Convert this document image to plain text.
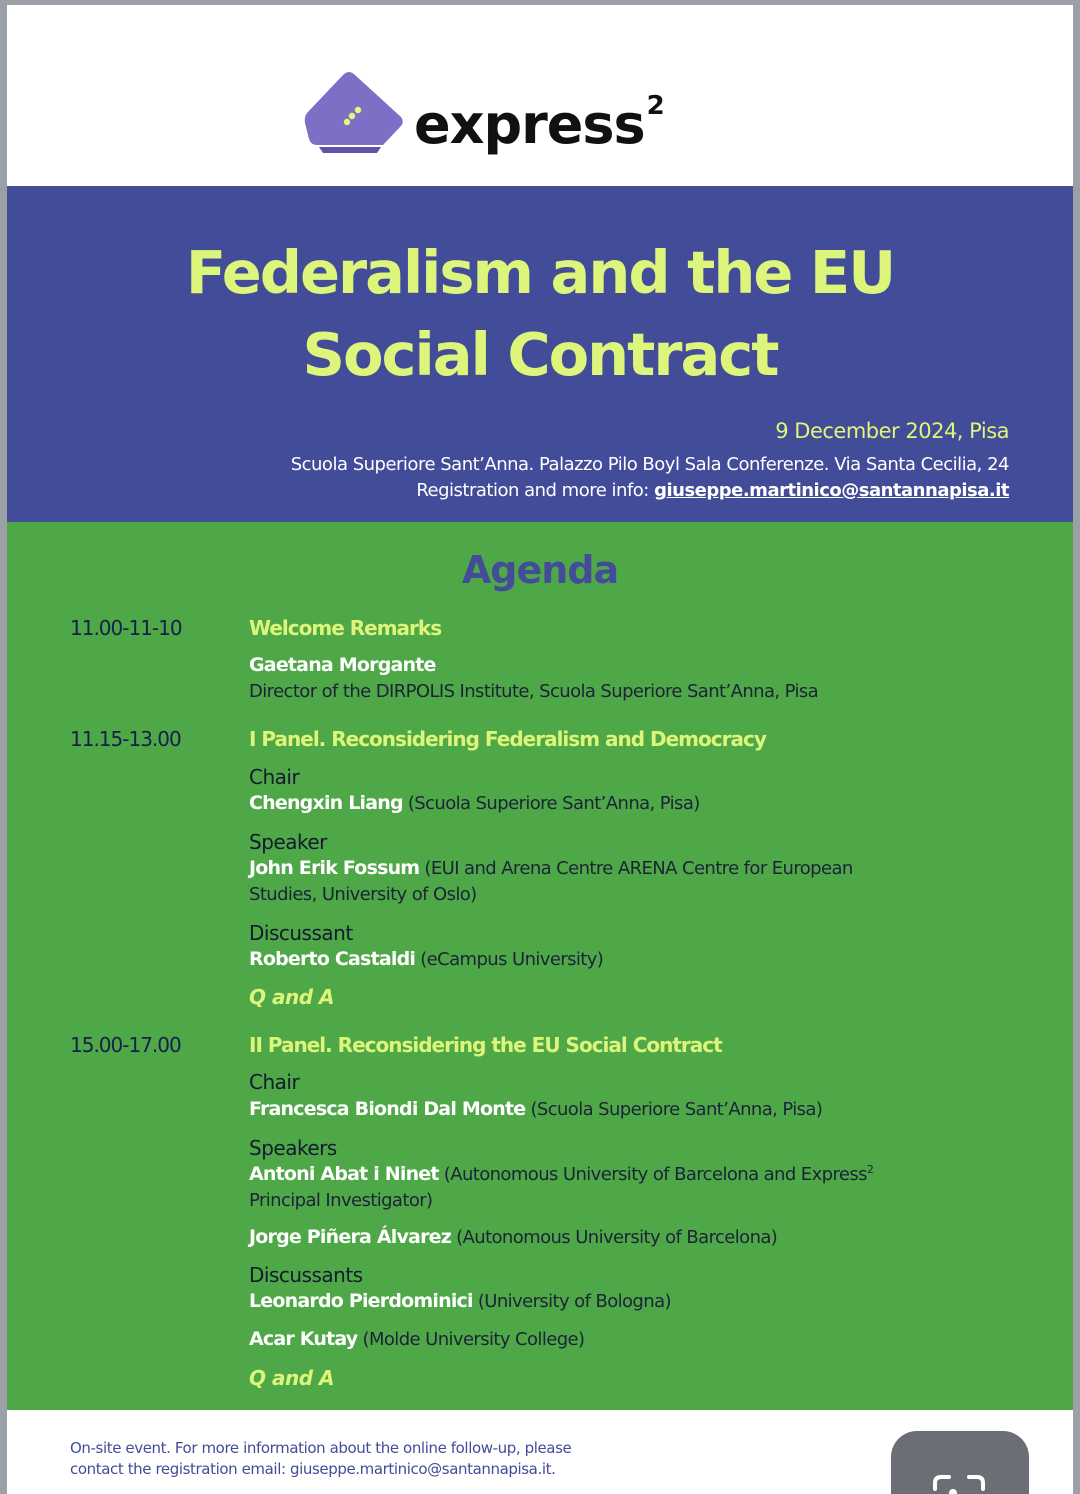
express$^2$
Federalism and the EU
Social Contract
9 December 2024, Pisa
Scuola Superiore Sant’Anna. Palazzo Pilo Boyl Sala Conferenze. Via Santa Cecilia, 24
Registration and more info: giuseppe.martinico@santannapisa.it
Agenda
11.00-11-10	Welcome Remarks
Gaetana Morgante
Director of the DIRPOLIS Institute, Scuola Superiore Sant’Anna, Pisa
11.15-13.00	I Panel. Reconsidering Federalism and Democracy
Chair
Chengxin Liang (Scuola Superiore Sant’Anna, Pisa)
Speaker
John Erik Fossum (EUI and Arena Centre ARENA Centre for European
Studies, University of Oslo)
Discussant
Roberto Castaldi (eCampus University)
Q and A
15.00-17.00	II Panel. Reconsidering the EU Social Contract
Chair
Francesca Biondi Dal Monte (Scuola Superiore Sant’Anna, Pisa)
Speakers
Antoni Abat i Ninet (Autonomous University of Barcelona and Express$^2$
Principal Investigator)
Jorge Piñera Álvarez (Autonomous University of Barcelona)
Discussants
Leonardo Pierdominici (University of Bologna)
Acar Kutay (Molde University College)
Q and A
On-site event. For more information about the online follow-up, please
contact the registration email: giuseppe.martinico@santannapisa.it.
